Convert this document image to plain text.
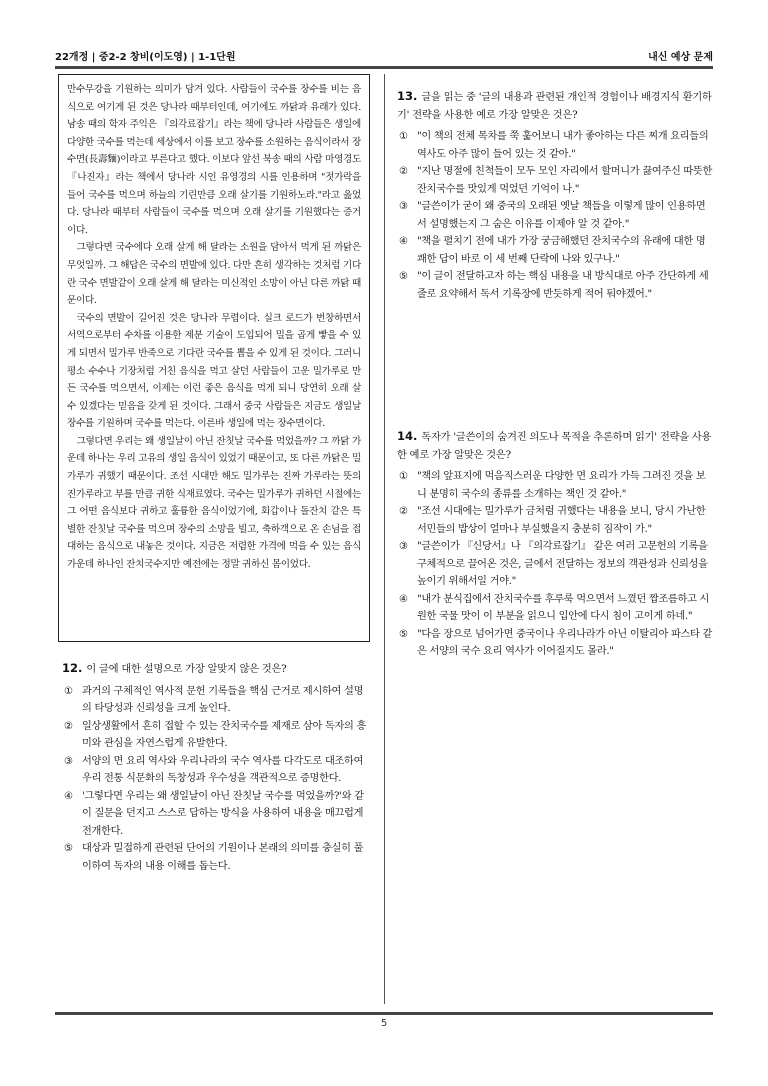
22개정 | 중2-2 창비(이도영) | 1-1단원	내신 예상 문제

만수무강을 기원하는 의미가 담겨 있다. 사람들이 국수를 장수를 비는 음식으로 여기게 된 것은 당나라 때부터인데, 여기에도 까닭과 유래가 있다. 남송 때의 학자 주익은 『의각료잡기』라는 책에 당나라 사람들은 생일에 다양한 국수를 먹는데 세상에서 이를 보고 장수를 소원하는 음식이라서 장수면(長壽麵)이라고 부른다고 했다. 이보다 앞선 북송 때의 사람 마영경도 『나진자』라는 책에서 당나라 시인 유영경의 시를 인용하며 "젓가락을 들어 국수를 먹으며 하늘의 기린만큼 오래 살기를 기원하노라."라고 읊었다. 당나라 때부터 사람들이 국수를 먹으며 오래 살기를 기원했다는 증거이다.

그렇다면 국수에다 오래 살게 해 달라는 소원을 담아서 먹게 된 까닭은 무엇일까. 그 해답은 국수의 면발에 있다. 다만 흔히 생각하는 것처럼 기다란 국수 면발같이 오래 살게 해 달라는 미신적인 소망이 아닌 다른 까닭 때문이다.

국수의 면발이 길어진 것은 당나라 무렵이다. 실크 로드가 번창하면서 서역으로부터 수차를 이용한 제분 기술이 도입되어 밀을 곱게 빻을 수 있게 되면서 밀가루 반죽으로 기다란 국수를 뽑을 수 있게 된 것이다. 그러니 평소 수수나 기장처럼 거친 음식을 먹고 살던 사람들이 고운 밀가루로 만든 국수를 먹으면서, 이제는 이런 좋은 음식을 먹게 되니 당연히 오래 살 수 있겠다는 믿음을 갖게 된 것이다. 그래서 중국 사람들은 지금도 생일날 장수를 기원하며 국수를 먹는다. 이른바 생일에 먹는 장수면이다.

그렇다면 우리는 왜 생일날이 아닌 잔칫날 국수를 먹었을까? 그 까닭 가운데 하나는 우리 고유의 생일 음식이 있었기 때문이고, 또 다른 까닭은 밀가루가 귀했기 때문이다. 조선 시대만 해도 밀가루는 진짜 가루라는 뜻의 진가루라고 부를 만큼 귀한 식재료였다. 국수는 밀가루가 귀하던 시절에는 그 어떤 음식보다 귀하고 훌륭한 음식이었기에, 회갑이나 돌잔치 같은 특별한 잔칫날 국수를 먹으며 장수의 소망을 빌고, 축하객으로 온 손님을 접대하는 음식으로 내놓은 것이다. 지금은 저렴한 가격에 먹을 수 있는 음식 가운데 하나인 잔치국수지만 예전에는 정말 귀하신 몸이었다.

12. 이 글에 대한 설명으로 가장 알맞지 않은 것은?
① 과거의 구체적인 역사적 문헌 기록들을 핵심 근거로 제시하여 설명의 타당성과 신뢰성을 크게 높인다.
② 일상생활에서 흔히 접할 수 있는 잔치국수를 제재로 삼아 독자의 흥미와 관심을 자연스럽게 유발한다.
③ 서양의 면 요리 역사와 우리나라의 국수 역사를 다각도로 대조하여 우리 전통 식문화의 독창성과 우수성을 객관적으로 증명한다.
④ '그렇다면 우리는 왜 생일날이 아닌 잔칫날 국수를 먹었을까?'와 같이 질문을 던지고 스스로 답하는 방식을 사용하여 내용을 매끄럽게 전개한다.
⑤ 대상과 밀접하게 관련된 단어의 기원이나 본래의 의미를 충실히 풀이하여 독자의 내용 이해를 돕는다.
13. 글을 읽는 중 '글의 내용과 관련된 개인적 경험이나 배경지식 환기하기' 전략을 사용한 예로 가장 알맞은 것은?
① "이 책의 전체 목차를 쭉 훑어보니 내가 좋아하는 다른 찌개 요리들의 역사도 아주 많이 들어 있는 것 같아."
② "지난 명절에 친척들이 모두 모인 자리에서 할머니가 끓여주신 따뜻한 잔치국수를 맛있게 먹었던 기억이 나."
③ "글쓴이가 굳이 왜 중국의 오래된 옛날 책들을 이렇게 많이 인용하면서 설명했는지 그 숨은 이유를 이제야 알 것 같아."
④ "책을 펼치기 전에 내가 가장 궁금해했던 잔치국수의 유래에 대한 명쾌한 답이 바로 이 세 번째 단락에 나와 있구나."
⑤ "이 글이 전달하고자 하는 핵심 내용을 내 방식대로 아주 간단하게 세 줄로 요약해서 독서 기록장에 반듯하게 적어 둬야겠어."
14. 독자가 '글쓴이의 숨겨진 의도나 목적을 추론하며 읽기' 전략을 사용한 예로 가장 알맞은 것은?
① "책의 앞표지에 먹음직스러운 다양한 면 요리가 가득 그려진 것을 보니 분명히 국수의 종류를 소개하는 책인 것 같아."
② "조선 시대에는 밀가루가 금처럼 귀했다는 내용을 보니, 당시 가난한 서민들의 밥상이 얼마나 부실했을지 충분히 짐작이 가."
③ "글쓴이가 『신당서』나 『의각료잡기』 같은 여러 고문헌의 기록을 구체적으로 끌어온 것은, 글에서 전달하는 정보의 객관성과 신뢰성을 높이기 위해서일 거야."
④ "내가 분식집에서 잔치국수를 후루룩 먹으면서 느꼈던 짭조름하고 시원한 국물 맛이 이 부분을 읽으니 입안에 다시 침이 고이게 하네."
⑤ "다음 장으로 넘어가면 중국이나 우리나라가 아닌 이탈리아 파스타 같은 서양의 국수 요리 역사가 이어질지도 몰라."
5
